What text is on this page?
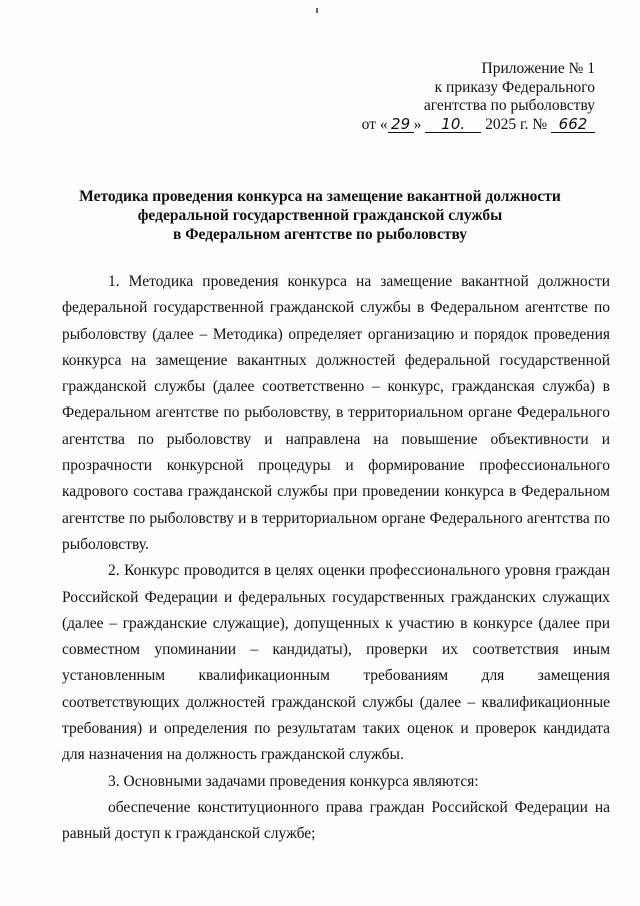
Приложение № 1
к приказу Федерального
агентства по рыболовству
от « 29 » 10. 2025 г. № 662
Методика проведения конкурса на замещение вакантной должности
федеральной государственной гражданской службы
в Федеральном агентстве по рыболовству

1. Методика проведения конкурса на замещение вакантной должности федеральной государственной гражданской службы в Федеральном агентстве по рыболовству (далее – Методика) определяет организацию и порядок проведения конкурса на замещение вакантных должностей федеральной государственной гражданской службы (далее соответственно – конкурс, гражданская служба) в Федеральном агентстве по рыболовству, в территориальном органе Федерального агентства по рыболовству и направлена на повышение объективности и прозрачности конкурсной процедуры и формирование профессионального кадрового состава гражданской службы при проведении конкурса в Федеральном агентстве по рыболовству и в территориальном органе Федерального агентства по рыболовству.

2. Конкурс проводится в целях оценки профессионального уровня граждан Российской Федерации и федеральных государственных гражданских служащих (далее – гражданские служащие), допущенных к участию в конкурсе (далее при совместном упоминании – кандидаты), проверки их соответствия иным установленным квалификационным требованиям для замещения соответствующих должностей гражданской службы (далее – квалификационные требования) и определения по результатам таких оценок и проверок кандидата для назначения на должность гражданской службы.

3. Основными задачами проведения конкурса являются:

обеспечение конституционного права граждан Российской Федерации на равный доступ к гражданской службе;
